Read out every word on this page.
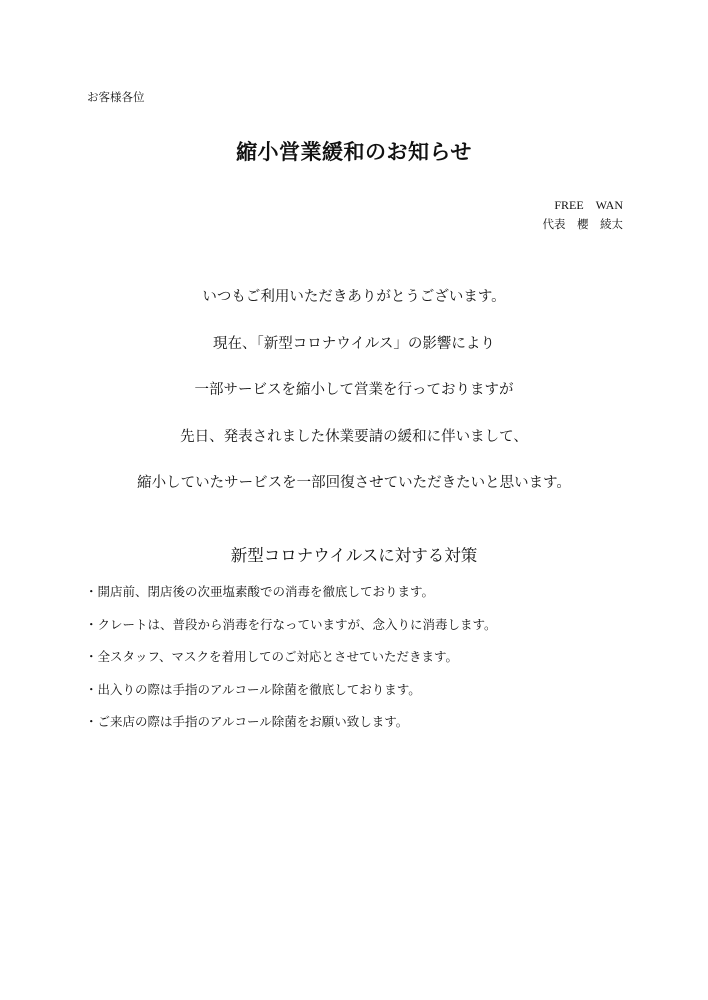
お客様各位
縮小営業緩和のお知らせ
FREE　WAN
代表　櫻　綾太
いつもご利用いただきありがとうございます。
現在、「新型コロナウイルス」の影響により
一部サービスを縮小して営業を行っておりますが
先日、発表されました休業要請の緩和に伴いまして、
縮小していたサービスを一部回復させていただきたいと思います。
新型コロナウイルスに対する対策
・開店前、閉店後の次亜塩素酸での消毒を徹底しております。
・クレートは、普段から消毒を行なっていますが、念入りに消毒します。
・全スタッフ、マスクを着用してのご対応とさせていただきます。
・出入りの際は手指のアルコール除菌を徹底しております。
・ご来店の際は手指のアルコール除菌をお願い致します。
